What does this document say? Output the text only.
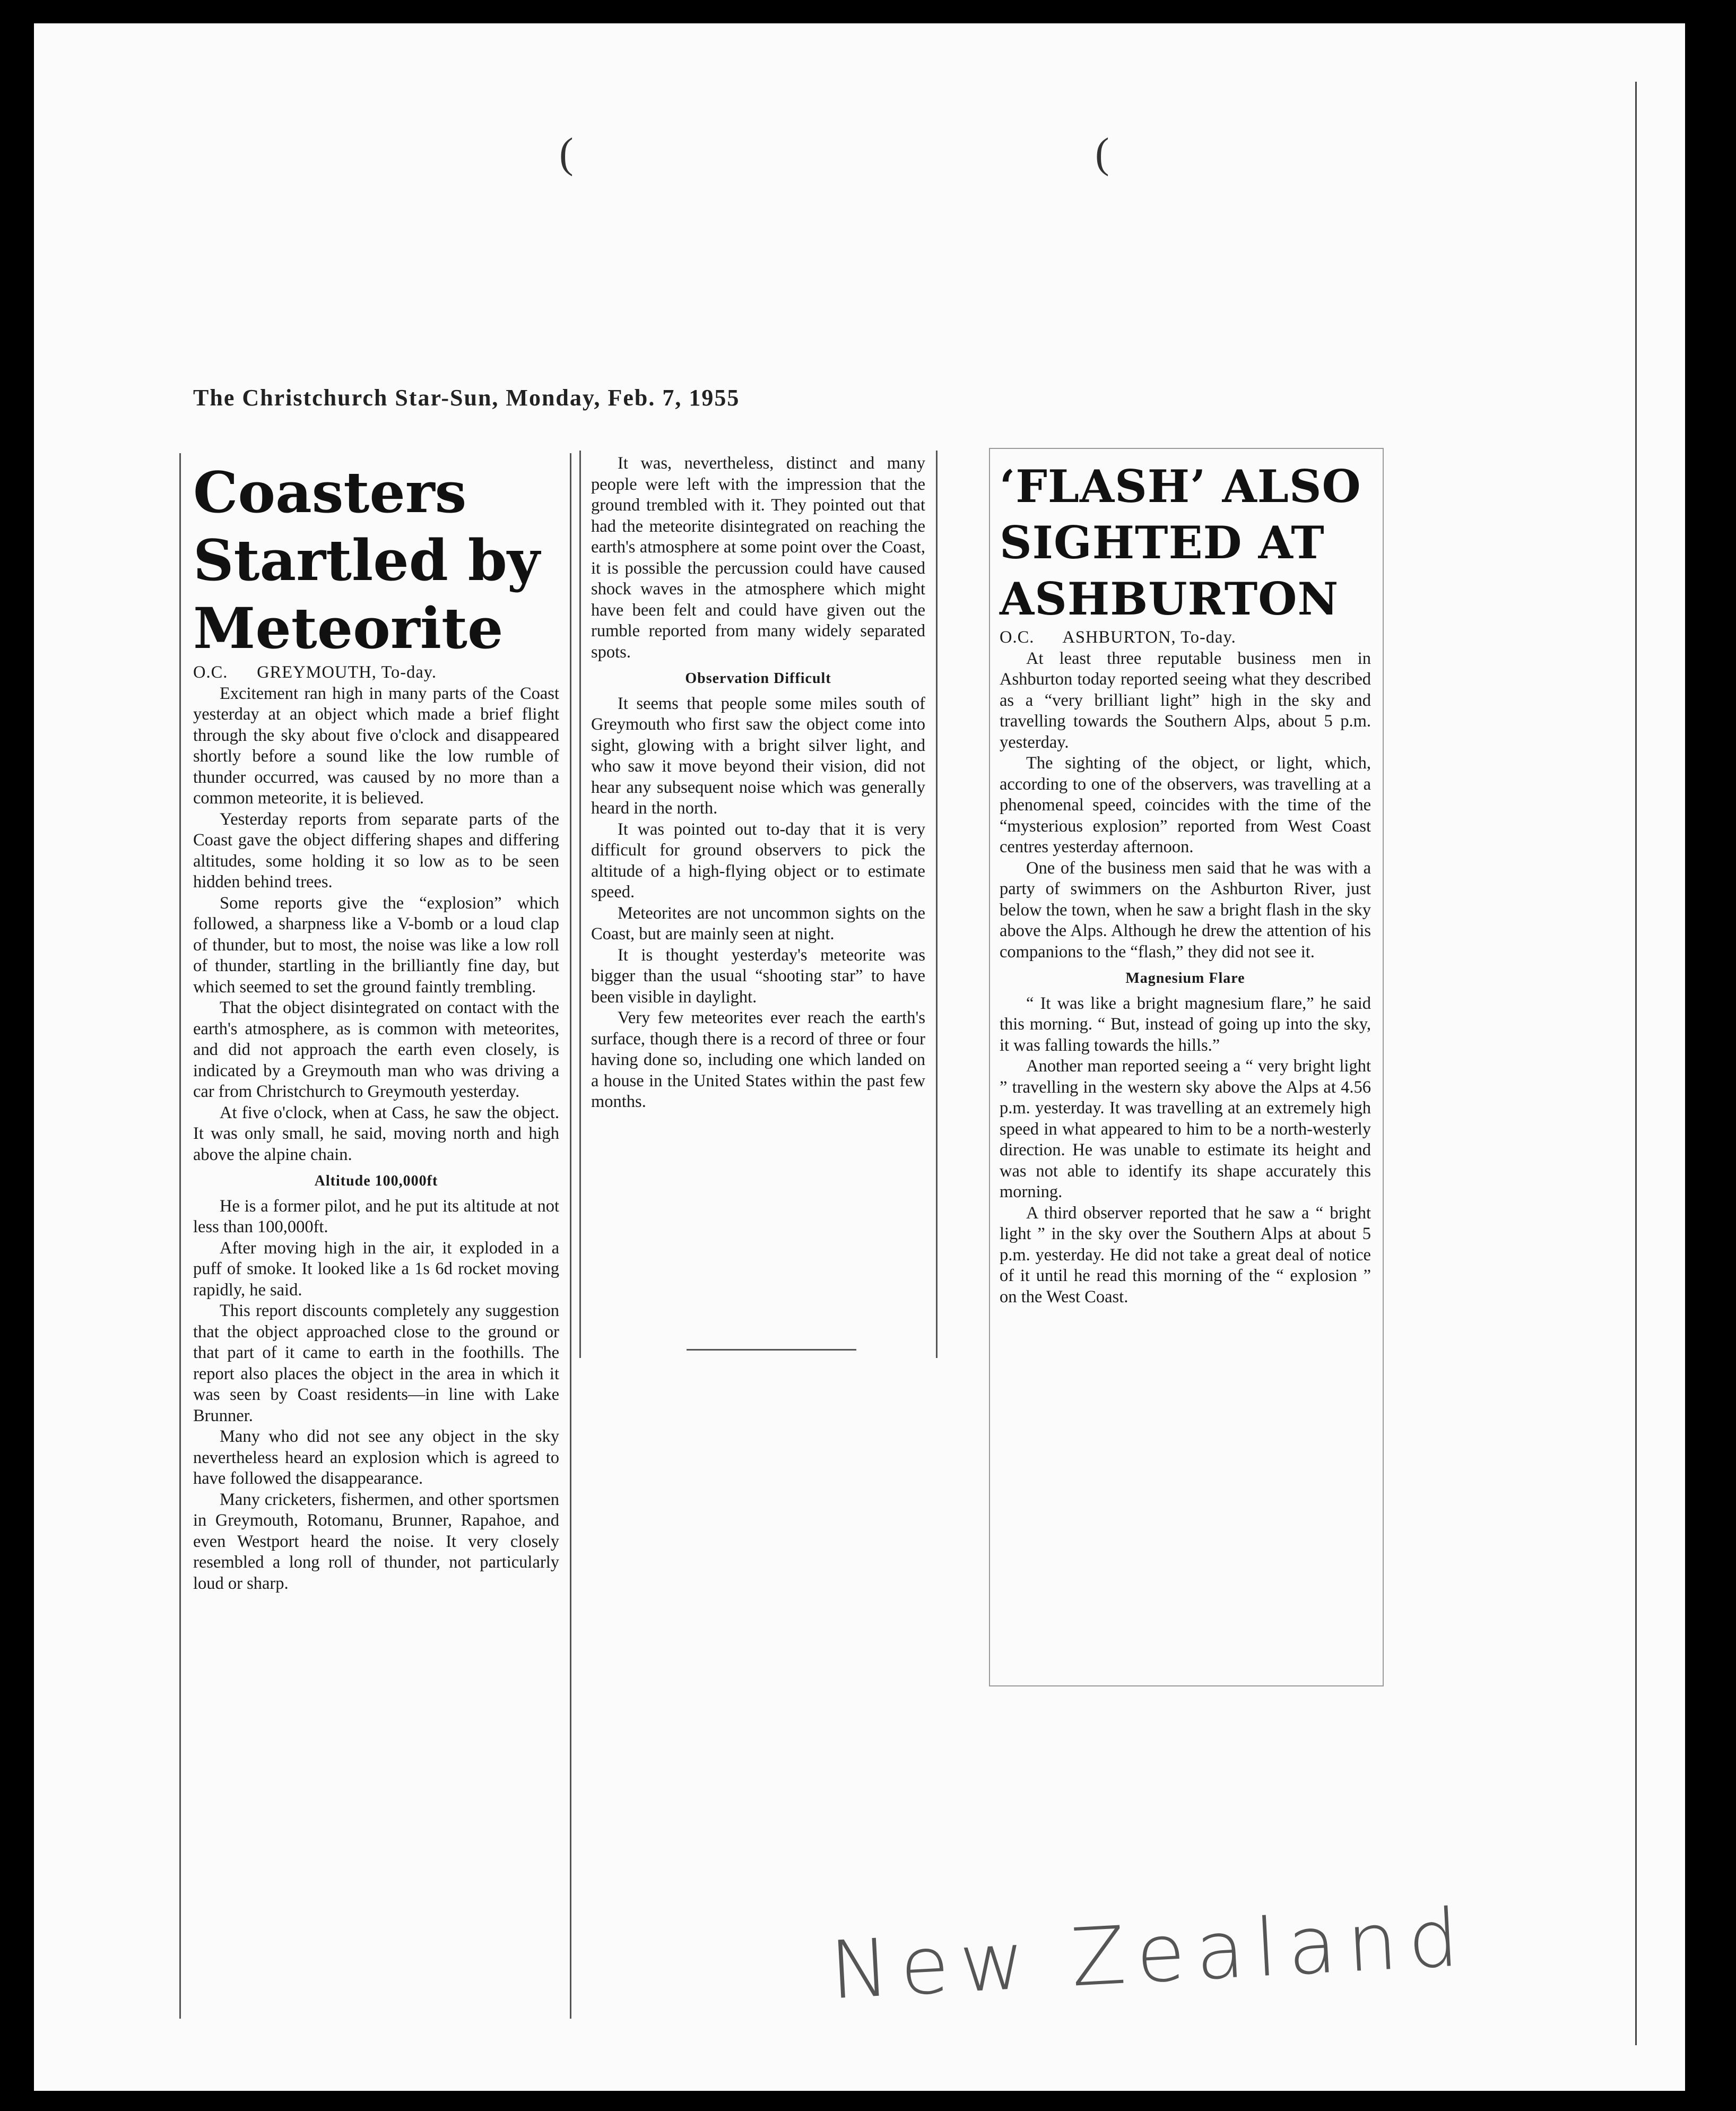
(	(
The Christchurch Star-Sun, Monday, Feb. 7, 1955
Coasters
Startled by
Meteorite

O.C.      GREYMOUTH, To-day.

Excitement ran high in many parts of the Coast yesterday at an object which made a brief flight through the sky about five o'clock and disappeared shortly before a sound like the low rumble of thunder occurred, was caused by no more than a common meteorite, it is believed.

Yesterday reports from separate parts of the Coast gave the object differing shapes and differing altitudes, some holding it so low as to be seen hidden behind trees.

Some reports give the “explosion” which followed, a sharpness like a V-bomb or a loud clap of thunder, but to most, the noise was like a low roll of thunder, startling in the brilliantly fine day, but which seemed to set the ground faintly trembling.

That the object disintegrated on contact with the earth's atmosphere, as is common with meteorites, and did not approach the earth even closely, is indicated by a Greymouth man who was driving a car from Christchurch to Greymouth yesterday.

At five o'clock, when at Cass, he saw the object. It was only small, he said, moving north and high above the alpine chain.

Altitude 100,000ft

He is a former pilot, and he put its altitude at not less than 100,000ft.

After moving high in the air, it exploded in a puff of smoke. It looked like a 1s 6d rocket moving rapidly, he said.

This report discounts completely any suggestion that the object approached close to the ground or that part of it came to earth in the foothills. The report also places the object in the area in which it was seen by Coast residents—in line with Lake Brunner.

Many who did not see any object in the sky nevertheless heard an explosion which is agreed to have followed the disappearance.

Many cricketers, fishermen, and other sportsmen in Greymouth, Rotomanu, Brunner, Rapahoe, and even Westport heard the noise. It very closely resembled a long roll of thunder, not particularly loud or sharp.

It was, nevertheless, distinct and many people were left with the impression that the ground trembled with it. They pointed out that had the meteorite disintegrated on reaching the earth's atmosphere at some point over the Coast, it is possible the percussion could have caused shock waves in the atmosphere which might have been felt and could have given out the rumble reported from many widely separated spots.

Observation Difficult

It seems that people some miles south of Greymouth who first saw the object come into sight, glowing with a bright silver light, and who saw it move beyond their vision, did not hear any subsequent noise which was generally heard in the north.

It was pointed out to-day that it is very difficult for ground observers to pick the altitude of a high-flying object or to estimate speed.

Meteorites are not uncommon sights on the Coast, but are mainly seen at night.

It is thought yesterday's meteorite was bigger than the usual “shooting star” to have been visible in daylight.

Very few meteorites ever reach the earth's surface, though there is a record of three or four having done so, including one which landed on a house in the United States within the past few months.

‘FLASH’ ALSO
SIGHTED AT
ASHBURTON

O.C.      ASHBURTON, To-day.

At least three reputable business men in Ashburton today reported seeing what they described as a “very brilliant light” high in the sky and travelling towards the Southern Alps, about 5 p.m. yesterday.

The sighting of the object, or light, which, according to one of the observers, was travelling at a phenomenal speed, coincides with the time of the “mysterious explosion” reported from West Coast centres yesterday afternoon.

One of the business men said that he was with a party of swimmers on the Ashburton River, just below the town, when he saw a bright flash in the sky above the Alps. Although he drew the attention of his companions to the “flash,” they did not see it.

Magnesium Flare

“ It was like a bright magnesium flare,” he said this morning. “ But, instead of going up into the sky, it was falling towards the hills.”

Another man reported seeing a “ very bright light ” travelling in the western sky above the Alps at 4.56 p.m. yesterday. It was travelling at an extremely high speed in what appeared to him to be a north-westerly direction. He was unable to estimate its height and was not able to identify its shape accurately this morning.

A third observer reported that he saw a “ bright light ” in the sky over the Southern Alps at about 5 p.m. yesterday. He did not take a great deal of notice of it until he read this morning of the “ explosion ” on the West Coast.

New Zealand
